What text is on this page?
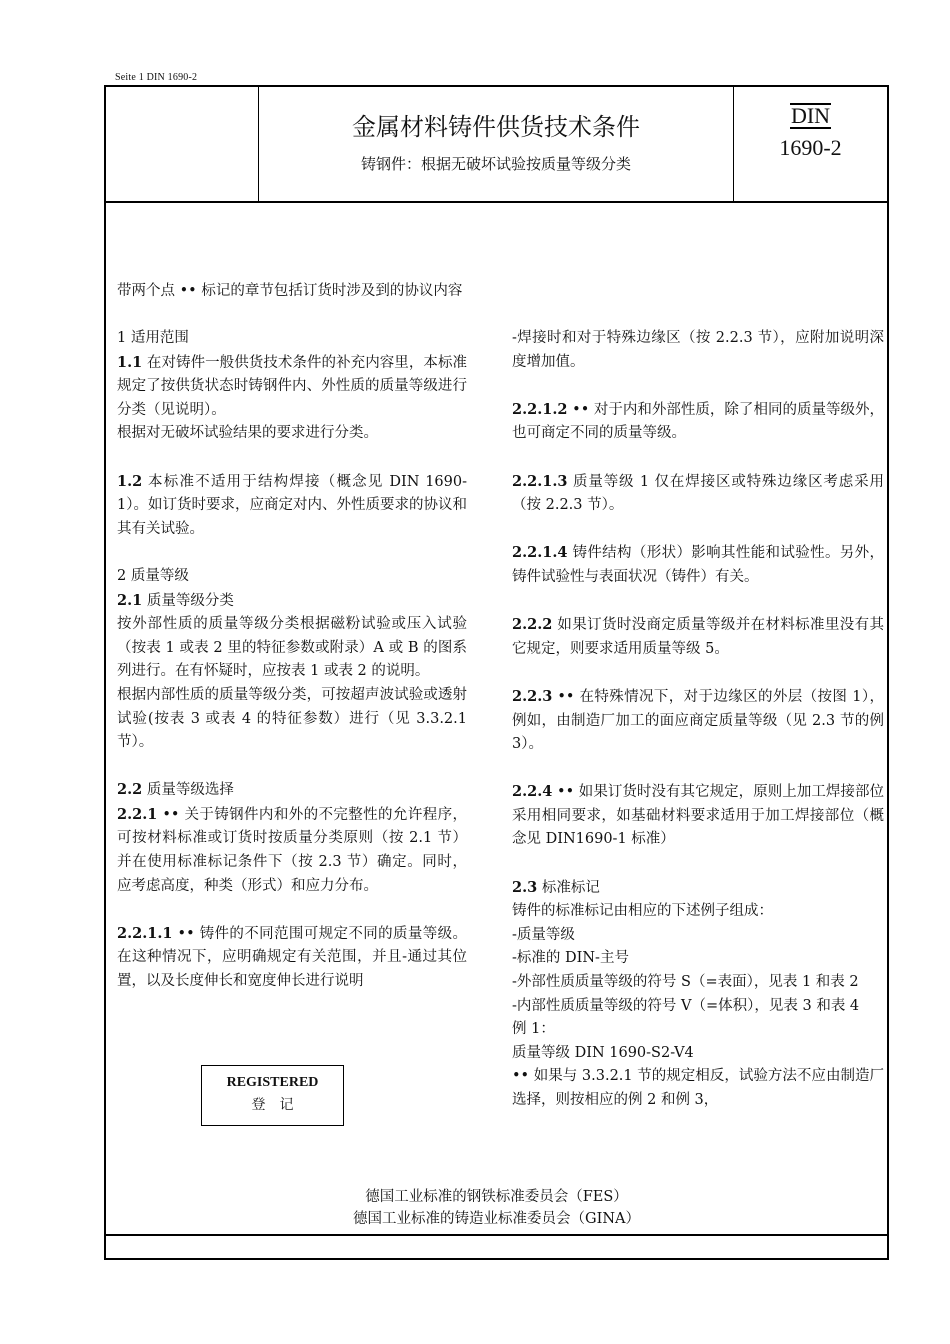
Seite 1 DIN 1690-2
金属材料铸件供货技术条件
铸钢件：根据无破坏试验按质量等级分类
DIN
1690-2
带两个点 •• 标记的章节包括订货时涉及到的协议内容

1 适用范围

1.1 在对铸件一般供货技术条件的补充内容里，本标准规定了按供货状态时铸钢件内、外性质的质量等级进行分类（见说明）。

根据对无破坏试验结果的要求进行分类。

1.2 本标准不适用于结构焊接（概念见 DIN 1690-1）。如订货时要求，应商定对内、外性质要求的协议和其有关试验。

2 质量等级

2.1 质量等级分类

按外部性质的质量等级分类根据磁粉试验或压入试验（按表 1 或表 2 里的特征参数或附录）A 或 B 的图系列进行。在有怀疑时，应按表 1 或表 2 的说明。

根据内部性质的质量等级分类，可按超声波试验或透射试验(按表 3 或表 4 的特征参数）进行（见 3.3.2.1 节）。

2.2 质量等级选择

2.2.1 •• 关于铸钢件内和外的不完整性的允许程序，可按材料标准或订货时按质量分类原则（按 2.1 节）并在使用标准标记条件下（按 2.3 节）确定。同时，应考虑高度，种类（形式）和应力分布。

2.2.1.1 •• 铸件的不同范围可规定不同的质量等级。在这种情况下，应明确规定有关范围，并且-通过其位置，以及长度伸长和宽度伸长进行说明

-焊接时和对于特殊边缘区（按 2.2.3 节），应附加说明深度增加值。

2.2.1.2 •• 对于内和外部性质，除了相同的质量等级外，也可商定不同的质量等级。

2.2.1.3 质量等级 1 仅在焊接区或特殊边缘区考虑采用（按 2.2.3 节）。

2.2.1.4 铸件结构（形状）影响其性能和试验性。另外，铸件试验性与表面状况（铸件）有关。

2.2.2 如果订货时没商定质量等级并在材料标准里没有其它规定，则要求适用质量等级 5。

2.2.3 •• 在特殊情况下，对于边缘区的外层（按图 1），例如，由制造厂加工的面应商定质量等级（见 2.3 节的例 3）。

2.2.4 •• 如果订货时没有其它规定，原则上加工焊接部位采用相同要求，如基础材料要求适用于加工焊接部位（概念见 DIN1690-1 标准）

2.3 标准标记

铸件的标准标记由相应的下述例子组成：

-质量等级

-标准的 DIN-主号

-外部性质质量等级的符号 S（=表面），见表 1 和表 2

-内部性质质量等级的符号 V（=体积），见表 3 和表 4

例 1：

质量等级 DIN 1690-S2-V4

•• 如果与 3.3.2.1 节的规定相反，试验方法不应由制造厂选择，则按相应的例 2 和例 3，

REGISTERED
登记
德国工业标准的钢铁标准委员会（FES）
德国工业标准的铸造业标准委员会（GINA）
